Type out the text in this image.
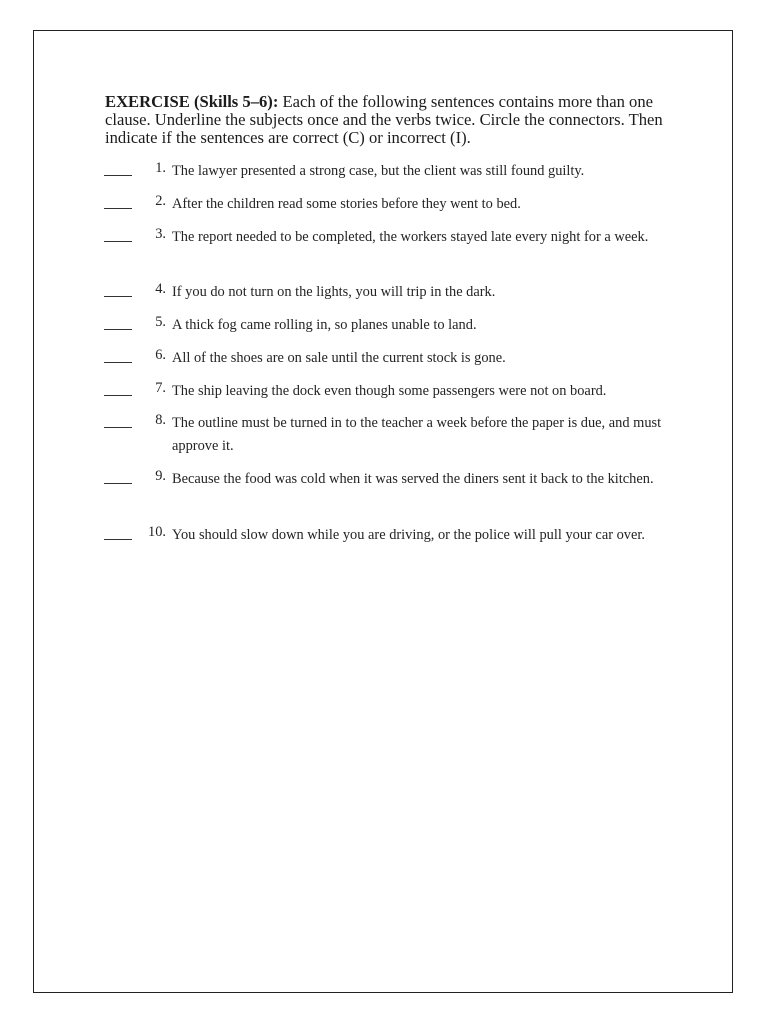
EXERCISE (Skills 5–6): Each of the following sentences contains more than one clause. Underline the subjects once and the verbs twice. Circle the connectors. Then indicate if the sentences are correct (C) or incorrect (I).
1. The lawyer presented a strong case, but the client was still found guilty.
2. After the children read some stories before they went to bed.
3. The report needed to be completed, the workers stayed late every night for a week.
4. If you do not turn on the lights, you will trip in the dark.
5. A thick fog came rolling in, so planes unable to land.
6. All of the shoes are on sale until the current stock is gone.
7. The ship leaving the dock even though some passengers were not on board.
8. The outline must be turned in to the teacher a week before the paper is due, and must approve it.
9. Because the food was cold when it was served the diners sent it back to the kitchen.
10. You should slow down while you are driving, or the police will pull your car over.
